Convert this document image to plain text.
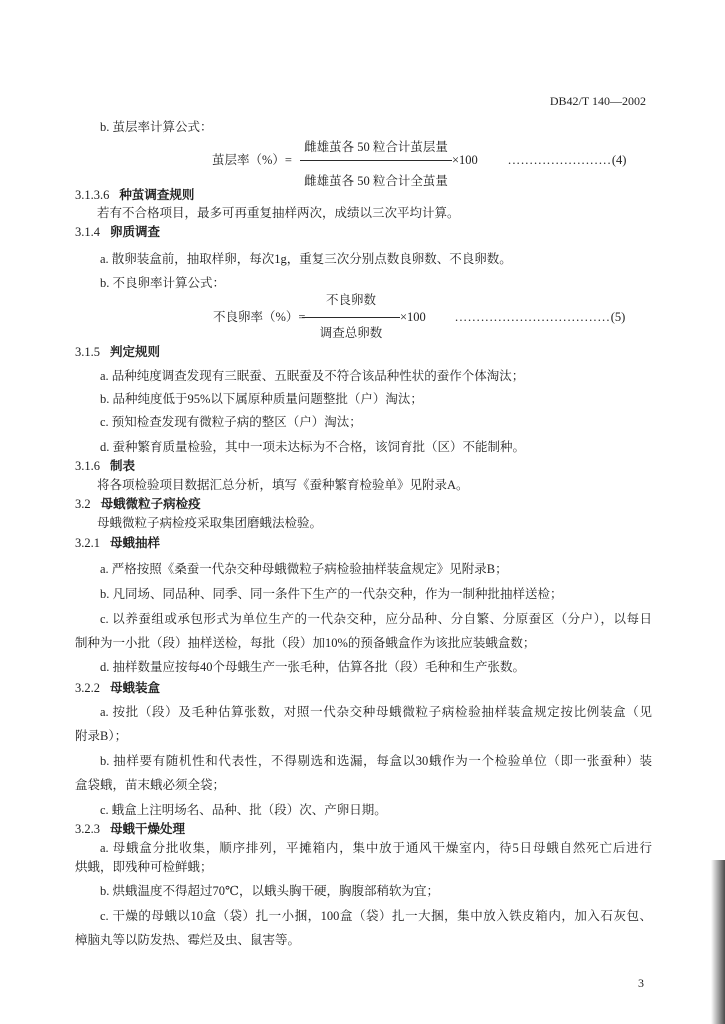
DB42/T 140—2002
b. 茧层率计算公式：
雌雄茧各 50 粒合计茧层量
茧层率（%）=	×100 ........................ (4)
雌雄茧各 50 粒合计全茧量
3.1.3.6 种茧调查规则
若有不合格项目，最多可再重复抽样两次，成绩以三次平均计算。
3.1.4 卵质调查
a. 散卵装盒前，抽取样卵，每次1g，重复三次分别点数良卵数、不良卵数。
b. 不良卵率计算公式：
不良卵数
不良卵率（%）=	×100 .................................... (5)
调查总卵数
3.1.5 判定规则
a. 品种纯度调查发现有三眠蚕、五眠蚕及不符合该品种性状的蚕作个体淘汰；
b. 品种纯度低于95%以下属原种质量问题整批（户）淘汰；
c. 预知检查发现有微粒子病的整区（户）淘汰；
d. 蚕种繁育质量检验，其中一项未达标为不合格，该饲育批（区）不能制种。
3.1.6 制表
将各项检验项目数据汇总分析，填写《蚕种繁育检验单》见附录A。
3.2 母蛾微粒子病检疫
母蛾微粒子病检疫采取集团磨蛾法检验。
3.2.1 母蛾抽样
a. 严格按照《桑蚕一代杂交种母蛾微粒子病检验抽样装盒规定》见附录B；
b. 凡同场、同品种、同季、同一条件下生产的一代杂交种，作为一制种批抽样送检；
c. 以养蚕组或承包形式为单位生产的一代杂交种，应分品种、分自繁、分原蚕区（分户），以每日
制种为一小批（段）抽样送检，每批（段）加10%的预备蛾盒作为该批应装蛾盒数；
d. 抽样数量应按每40个母蛾生产一张毛种，估算各批（段）毛种和生产张数。
3.2.2 母蛾装盒
a. 按批（段）及毛种估算张数，对照一代杂交种母蛾微粒子病检验抽样装盒规定按比例装盒（见
附录B）；
b. 抽样要有随机性和代表性，不得剔选和选漏，每盒以30蛾作为一个检验单位（即一张蚕种）装
盒袋蛾，苗末蛾必须全袋；
c. 蛾盒上注明场名、品种、批（段）次、产卵日期。
3.2.3 母蛾干燥处理
a. 母蛾盒分批收集，顺序排列，平摊箱内，集中放于通风干燥室内，待5日母蛾自然死亡后进行
烘蛾，即残种可检鲜蛾；
b. 烘蛾温度不得超过70℃，以蛾头胸干硬，胸腹部稍软为宜；
c. 干燥的母蛾以10盒（袋）扎一小捆，100盒（袋）扎一大捆，集中放入铁皮箱内，加入石灰包、
樟脑丸等以防发热、霉烂及虫、鼠害等。
3
